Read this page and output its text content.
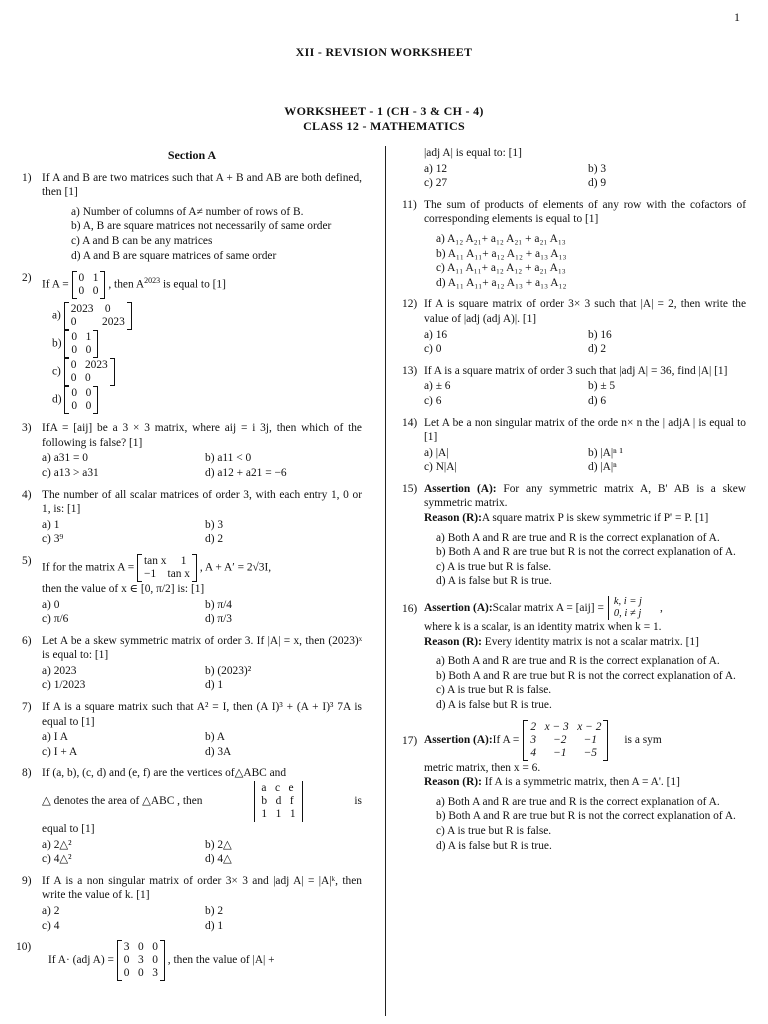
1
XII - REVISION WORKSHEET
WORKSHEET - 1 (CH - 3 & CH - 4)
CLASS 12 - MATHEMATICS
Section A
1) If A and B are two matrices such that A + B and AB are both defined, then [1]
a) Number of columns of A≠ number of rows of B.
b) A, B are square matrices not necessarily of same order
c) A and B can be any matrices
d) A and B are square matrices of same order
2)
If A =
0   1
0   0
, then $A^{2023}$ is equal to [1]
a)
2023    0
0         2023
b)
0   1
0   0
c)
0   2023
0   0
d)
0   0
0   0
3) IfA = [aij] be a 3 × 3 matrix, where aij = i 3j, then which of the following is false? [1]
a) a31 = 0	b) a11 < 0
c) a13 > a31	d) a12 + a21 = −6
4) The number of all scalar matrices of order 3, with each entry 1, 0 or 1, is: [1]
a) 1	b) 3
c) 3⁹	d) 2
5)
If for the matrix A =
tan x     1
−1    tan x
, A + A′ = 2√3I,
then the value of x ∈ [0, π/2] is: [1]
a) 0	b) π/4
c) π/6	d) π/3
6) Let A be a skew symmetric matrix of order 3. If |A| = x, then (2023)ˣ is equal to: [1]
a) 2023	b) (2023)²
c) 1/2023	d) 1
7) If A is a square matrix such that A² = I, then (A I)³ + (A + I)³ 7A is equal to [1]
a) I A	b) A
c) I + A	d) 3A
8) If (a, b), (c, d) and (e, f) are the vertices of△ABC and
△ denotes the area of △ABC , then
a   c   e
b   d   f
1   1   1
is
equal to [1]
a) 2△²	b) 2△
c) 4△²	d) 4△
9) If A is a non singular matrix of order 3× 3 and |adj A| = |A|ᵏ, then write the value of k. [1]
a) 2	b) 2
c) 4	d) 1
10)
If A· (adj A) =
3   0   0
0   3   0
0   0   3
, then the value of |A| +
|adj A| is equal to: [1]
a) 12	b) 3
c) 27	d) 9
11) The sum of products of elements of any row with the cofactors of corresponding elements is equal to [1]
a) A₁₂ A₂₁+ a₁₂ A₂₁ + a₂₁ A₁₃
b) A₁₁ A₁₁+ a₁₂ A₁₂ + a₁₃ A₁₃
c) A₁₁ A₁₁+ a₁₂ A₁₂ + a₂₁ A₁₃
d) A₁₁ A₁₁+ a₁₂ A₁₃ + a₁₃ A₁₂
12) If A is square matrix of order 3× 3 such that |A| = 2, then write the value of |adj (adj A)|. [1]
a) 16	b) 16
c) 0	d) 2
13) If A is a square matrix of order 3 such that |adj A| = 36, find |A| [1]
a) ± 6	b) ± 5
c) 6	d) 6
14) Let A be a non singular matrix of the orde n× n the | adjA | is equal to [1]
a) |A|	b) |A|ⁿ ¹
c) N|A|	d) |A|ⁿ
15) Assertion (A): For any symmetric matrix A, B' AB is a skew symmetric matrix.
Reason (R):A square matrix P is skew symmetric if P' = P. [1]
a) Both A and R are true and R is the correct explanation of A.
b) Both A and R are true but R is not the correct explanation of A.
c) A is true but R is false.
d) A is false but R is true.
16) Assertion (A): Scalar matrix A = [aij] =
k, i = j
0, i ≠ j ,
where k is a scalar, is an identity matrix when k = 1.
Reason (R): Every identity matrix is not a scalar matrix. [1]
a) Both A and R are true and R is the correct explanation of A.
b) Both A and R are true but R is not the correct explanation of A.
c) A is true but R is false.
d) A is false but R is true.
17) Assertion (A): If A =
2   x − 3   x − 2
3      −2      −1
4      −1      −5
is a sym
metric matrix, then x = 6.
Reason (R): If A is a symmetric matrix, then A = A'. [1]
a) Both A and R are true and R is the correct explanation of A.
b) Both A and R are true but R is not the correct explanation of A.
c) A is true but R is false.
d) A is false but R is true.
